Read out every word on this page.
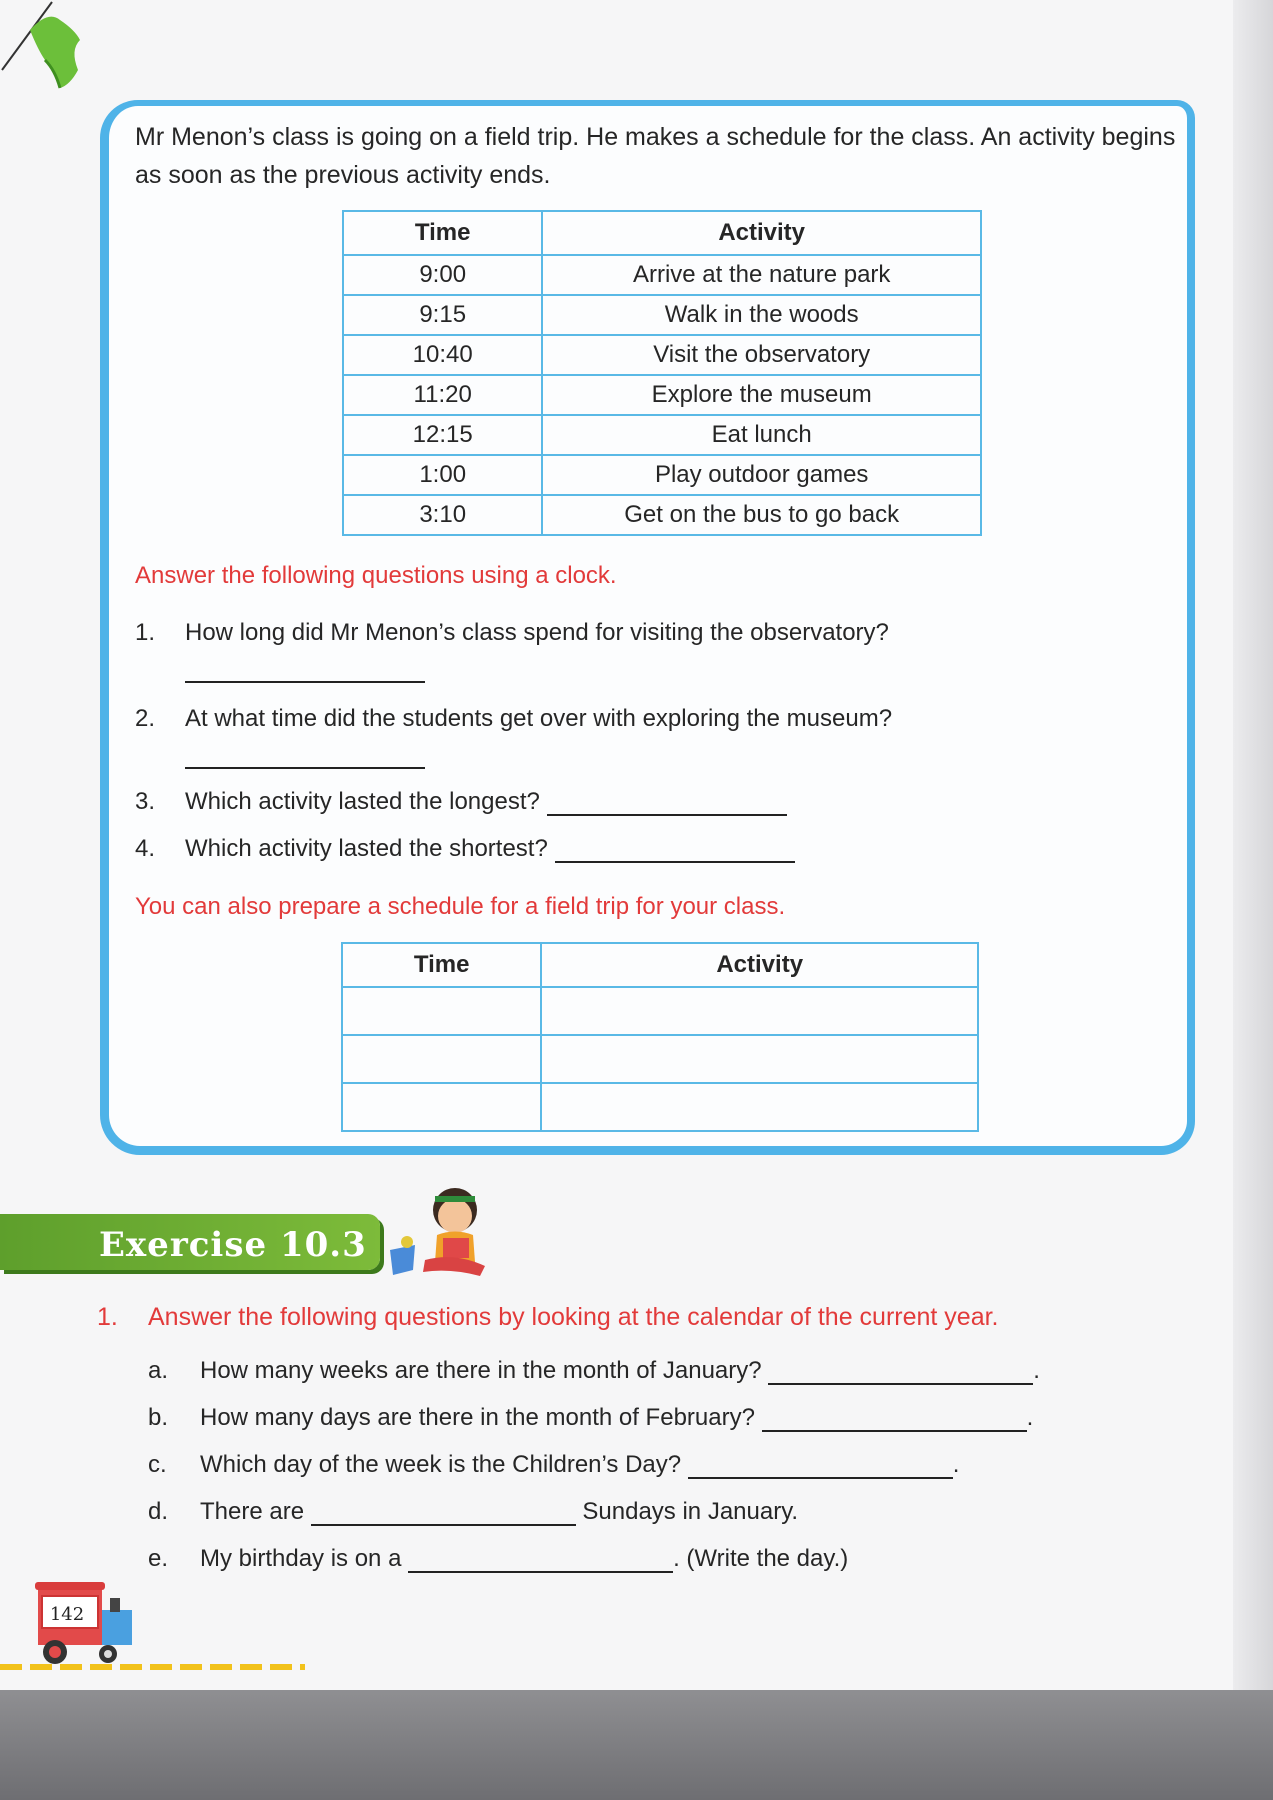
Mr Menon’s class is going on a field trip. He makes a schedule for the class. An activity begins as soon as the previous activity ends.
Time	Activity
9:00	Arrive at the nature park
9:15	Walk in the woods
10:40	Visit the observatory
11:20	Explore the museum
12:15	Eat lunch
1:00	Play outdoor games
3:10	Get on the bus to go back
Answer the following questions using a clock.
1. How long did Mr Menon’s class spend for visiting the observatory?
2. At what time did the students get over with exploring the museum?
3. Which activity lasted the longest?
4. Which activity lasted the shortest?
You can also prepare a schedule for a field trip for your class.
Time	Activity

Exercise 10.3
1. Answer the following questions by looking at the calendar of the current year.
a. How many weeks are there in the month of January?	.
b. How many days are there in the month of February?	.
c. Which day of the week is the Children’s Day?	.
d. There are	Sundays in January.
e. My birthday is on a	. (Write the day.)
142
